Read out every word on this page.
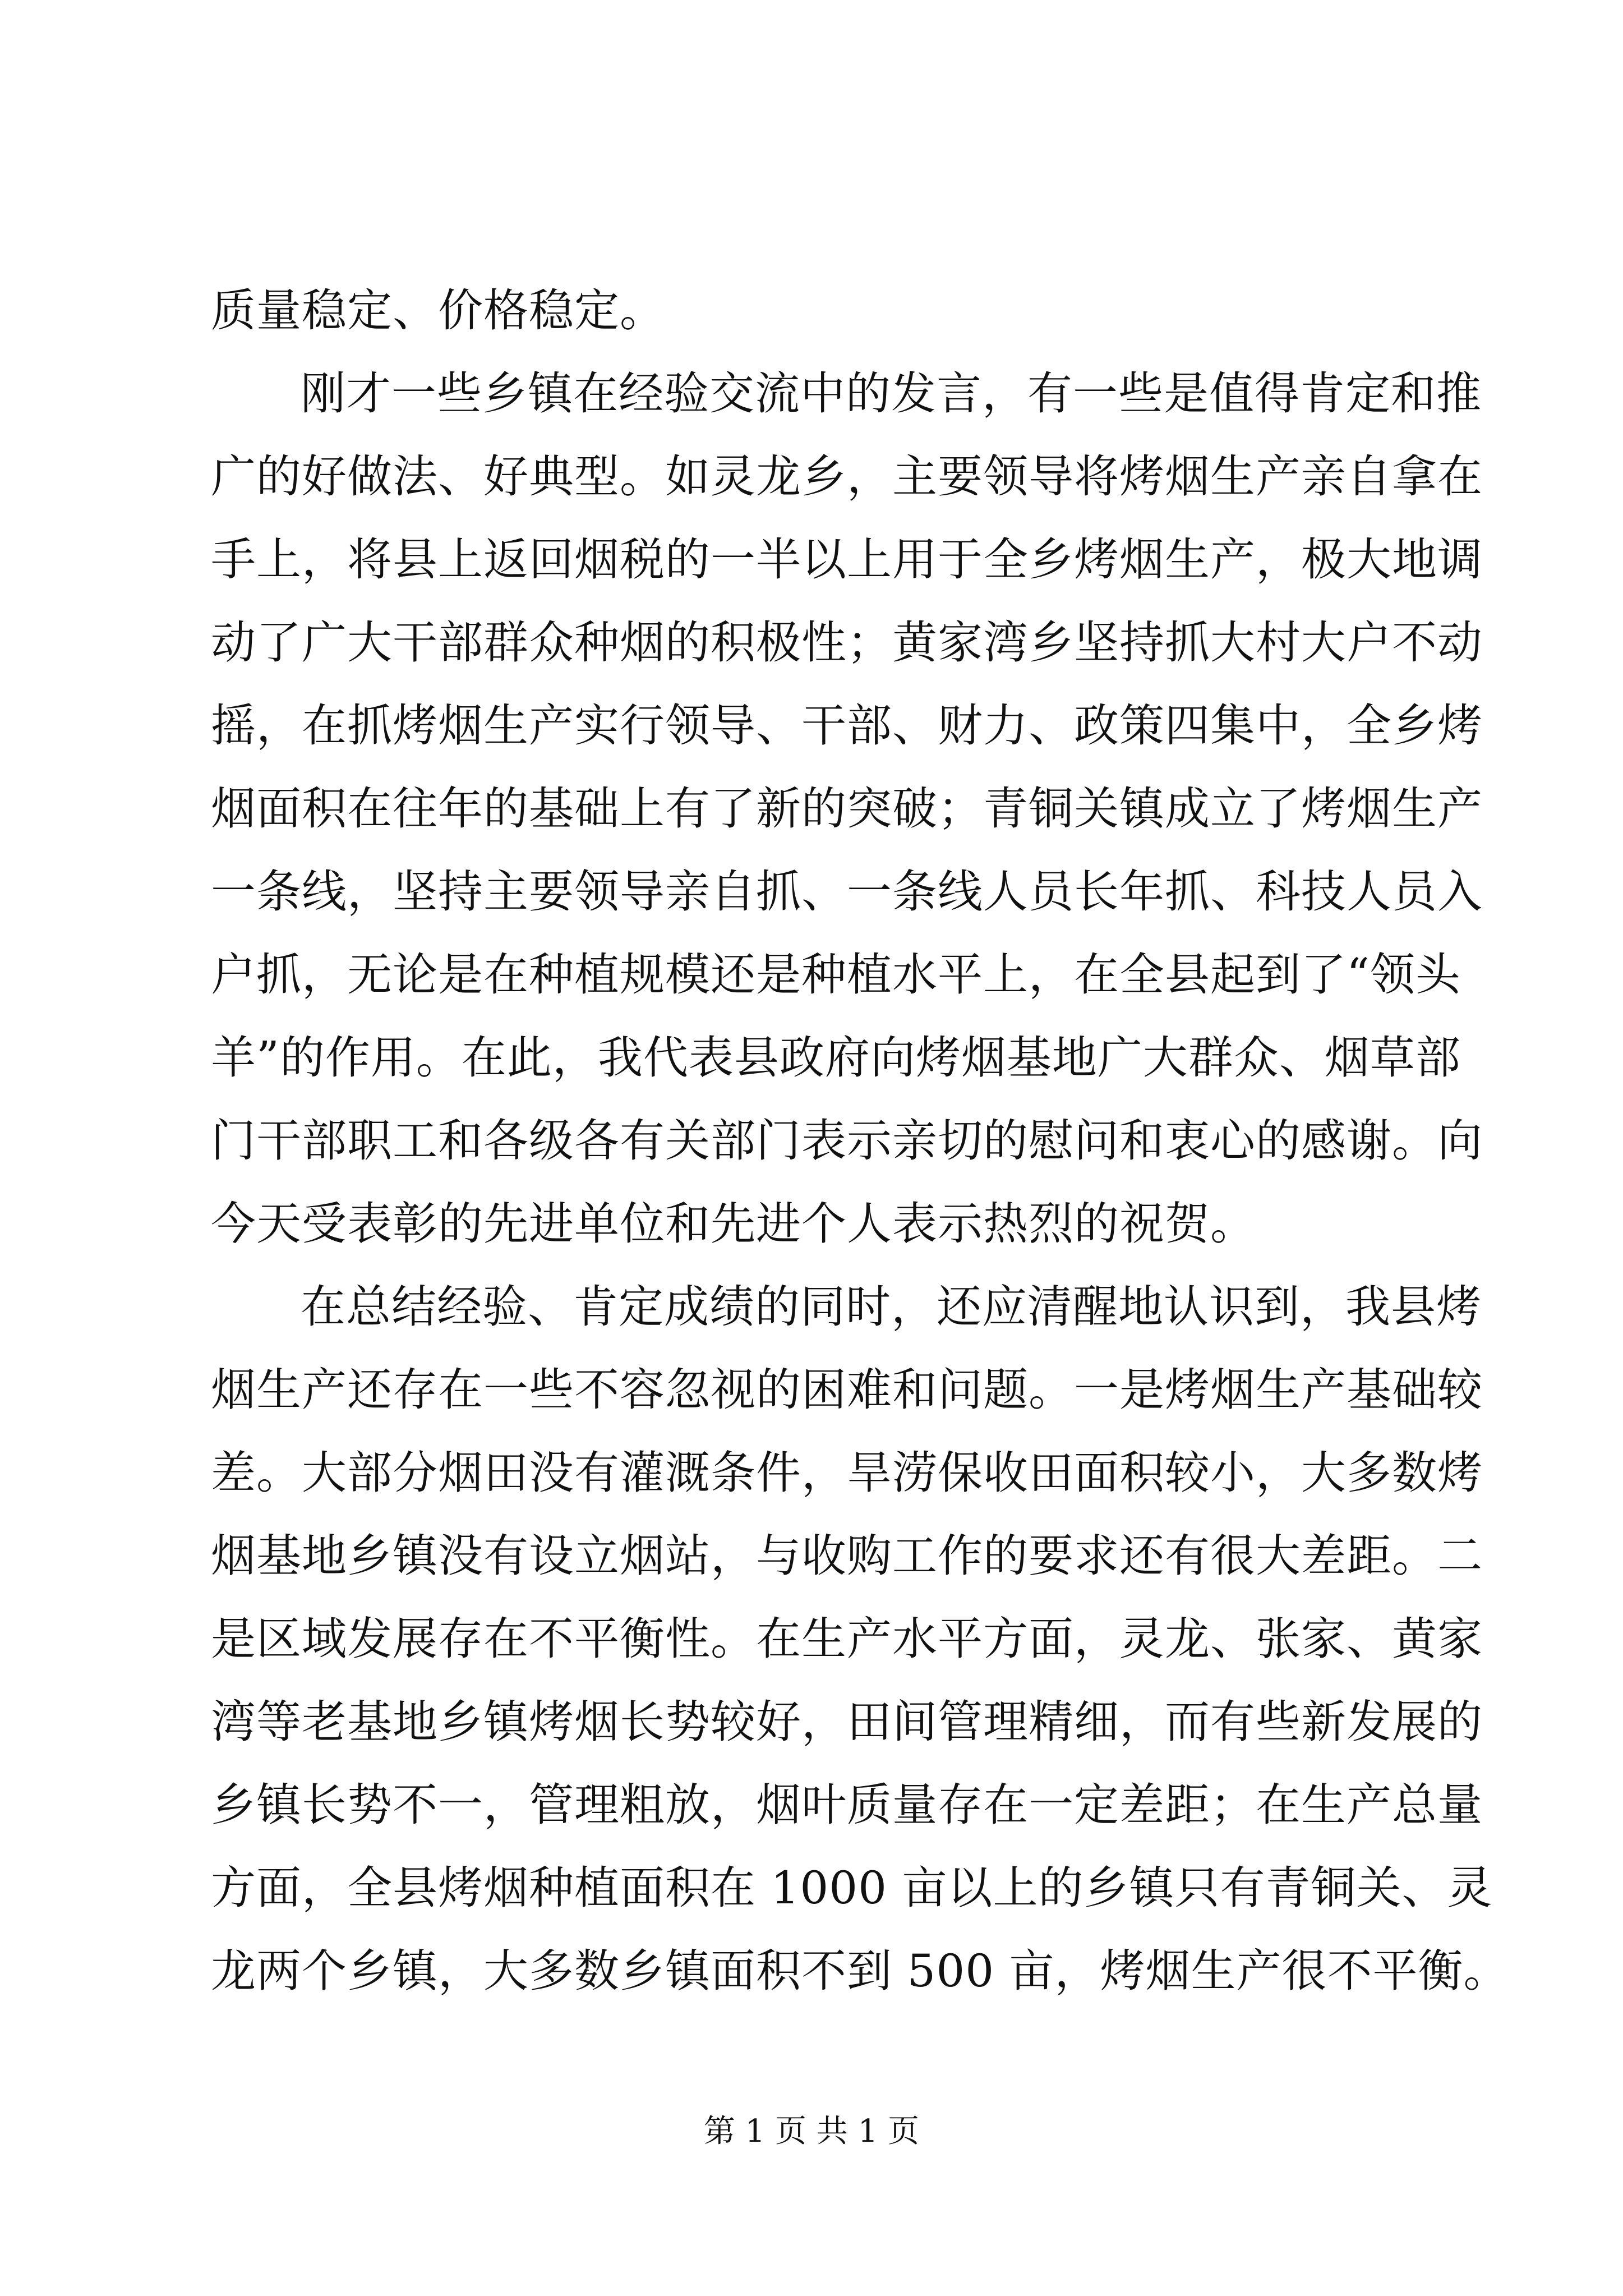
质量稳定、价格稳定。
刚才一些乡镇在经验交流中的发言，有一些是值得肯定和推
广的好做法、好典型。如灵龙乡，主要领导将烤烟生产亲自拿在
手上，将县上返回烟税的一半以上用于全乡烤烟生产，极大地调
动了广大干部群众种烟的积极性；黄家湾乡坚持抓大村大户不动
摇，在抓烤烟生产实行领导、干部、财力、政策四集中，全乡烤
烟面积在往年的基础上有了新的突破；青铜关镇成立了烤烟生产
一条线，坚持主要领导亲自抓、一条线人员长年抓、科技人员入
户抓，无论是在种植规模还是种植水平上，在全县起到了“领头
羊”的作用。在此，我代表县政府向烤烟基地广大群众、烟草部
门干部职工和各级各有关部门表示亲切的慰问和衷心的感谢。向
今天受表彰的先进单位和先进个人表示热烈的祝贺。
在总结经验、肯定成绩的同时，还应清醒地认识到，我县烤
烟生产还存在一些不容忽视的困难和问题。一是烤烟生产基础较
差。大部分烟田没有灌溉条件，旱涝保收田面积较小，大多数烤
烟基地乡镇没有设立烟站，与收购工作的要求还有很大差距。二
是区域发展存在不平衡性。在生产水平方面，灵龙、张家、黄家
湾等老基地乡镇烤烟长势较好，田间管理精细，而有些新发展的
乡镇长势不一，管理粗放，烟叶质量存在一定差距；在生产总量
方面，全县烤烟种植面积在 1000 亩以上的乡镇只有青铜关、灵
龙两个乡镇，大多数乡镇面积不到 500 亩，烤烟生产很不平衡。
第 1 页 共 1 页
